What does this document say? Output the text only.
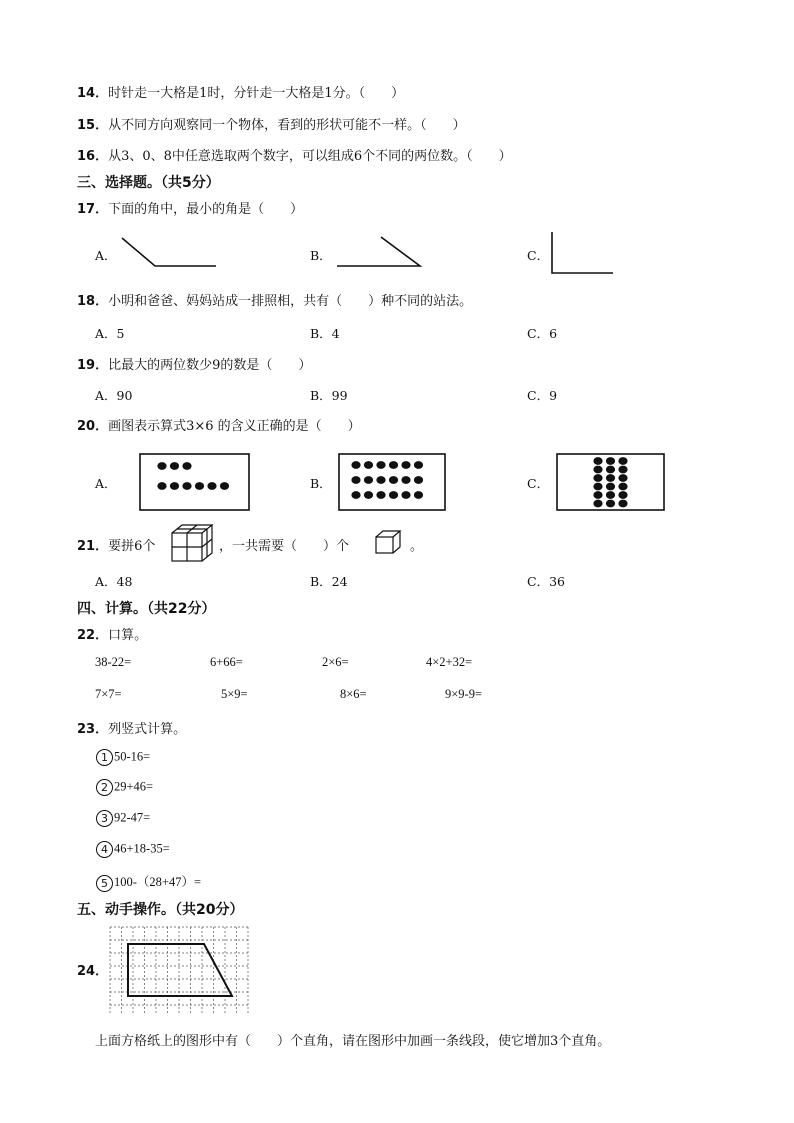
14．时针走一大格是1时，分针走一大格是1分。（　　）
15．从不同方向观察同一个物体，看到的形状可能不一样。（　　）
16．从3、0、8中任意选取两个数字，可以组成6个不同的两位数。（　　）
三、选择题。（共5分）
17．下面的角中，最小的角是（　　）
A．	B．	C．
18．小明和爸爸、妈妈站成一排照相，共有（　　）种不同的站法。
A．5	B．4	C．6
19．比最大的两位数少9的数是（　　）
A．90	B．99	C．9
20．画图表示算式3×6 的含义正确的是（　　）
A．	B．	C．
21．要拼6个	，一共需要（　　）个	。
A．48	B．24	C．36
四、计算。（共22分）
22．口算。
38-22=	6+66=	2×6=	4×2+32=
7×7=	5×9=	8×6=	9×9-9=
23．列竖式计算。
1 50-16=
2 29+46=
3 92-47=
4 46+18-35=
5 100-（28+47）=
五、动手操作。（共20分）
24．
上面方格纸上的图形中有（　　）个直角，请在图形中加画一条线段，使它增加3个直角。
